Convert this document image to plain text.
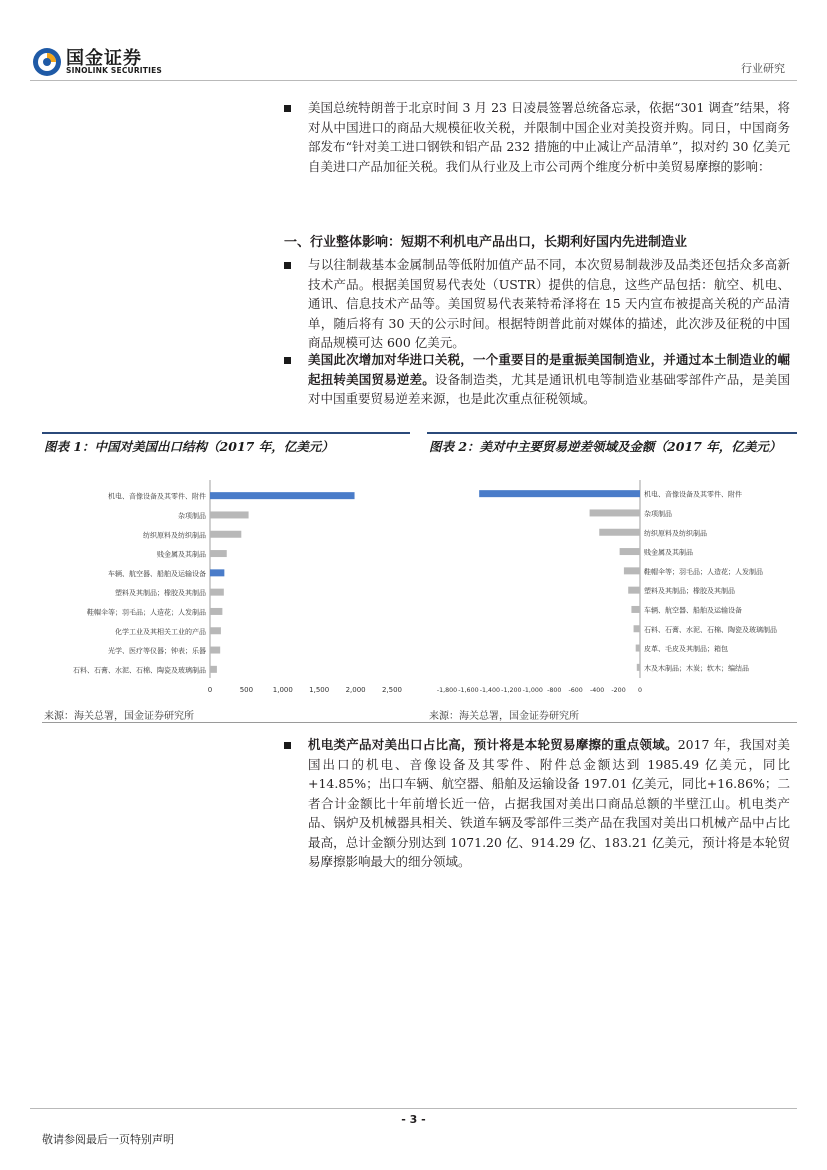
国金证券
SINOLINK SECURITIES	行业研究
美国总统特朗普于北京时间 3 月 23 日凌晨签署总统备忘录，依据“301 调查”结果，将对从中国进口的商品大规模征收关税，并限制中国企业对美投资并购。同日，中国商务部发布“针对美工进口钢铁和铝产品 232 措施的中止减让产品清单”，拟对约 30 亿美元自美进口产品加征关税。我们从行业及上市公司两个维度分析中美贸易摩擦的影响：
一、行业整体影响：短期不利机电产品出口，长期利好国内先进制造业
与以往制裁基本金属制品等低附加值产品不同，本次贸易制裁涉及品类还包括众多高新技术产品。根据美国贸易代表处（USTR）提供的信息，这些产品包括：航空、机电、通讯、信息技术产品等。美国贸易代表莱特希泽将在 15 天内宣布被提高关税的产品清单，随后将有 30 天的公示时间。根据特朗普此前对媒体的描述，此次涉及征税的中国商品规模可达 600 亿美元。
美国此次增加对华进口关税，一个重要目的是重振美国制造业，并通过本土制造业的崛起扭转美国贸易逆差。设备制造类，尤其是通讯机电等制造业基础零部件产品，是美国对中国重要贸易逆差来源，也是此次重点征税领域。
图表 1：中国对美国出口结构（2017 年，亿美元）
机电、音像设备及其零件、附件
杂项制品
纺织原料及纺织制品
贱金属及其制品
车辆、航空器、船舶及运输设备
塑料及其制品；橡胶及其制品
鞋帽伞等；羽毛品；人造花；人发制品
化学工业及其相关工业的产品
光学、医疗等仪器；钟表；乐器
石料、石膏、水泥、石棉、陶瓷及玻璃制品
0	500	1,000 1,500 2,000 2,500
来源：海关总署，国金证券研究所
图表 2：美对中主要贸易逆差领域及金额（2017 年，亿美元）
机电、音像设备及其零件、附件
杂项制品
纺织原料及纺织制品
贱金属及其制品
鞋帽伞等；羽毛品；人造花；人发制品
塑料及其制品；橡胶及其制品
车辆、航空器、船舶及运输设备
石料、石膏、水泥、石棉、陶瓷及玻璃制品
皮革、毛皮及其制品；箱包
木及木制品；木炭；软木；编结品
-1,800 -1,600 -1,400 -1,200 -1,000 -800 -600 -400 -200 0
来源：海关总署，国金证券研究所
机电类产品对美出口占比高，预计将是本轮贸易摩擦的重点领域。2017 年，我国对美国出口的机电、音像设备及其零件、附件总金额达到 1985.49 亿美元，同比+14.85%；出口车辆、航空器、船舶及运输设备 197.01 亿美元，同比+16.86%；二者合计金额比十年前增长近一倍，占据我国对美出口商品总额的半壁江山。机电类产品、锅炉及机械器具相关、铁道车辆及零部件三类产品在我国对美出口机械产品中占比最高，总计金额分别达到 1071.20 亿、914.29 亿、183.21 亿美元，预计将是本轮贸易摩擦影响最大的细分领域。
- 3 -
敬请参阅最后一页特别声明
